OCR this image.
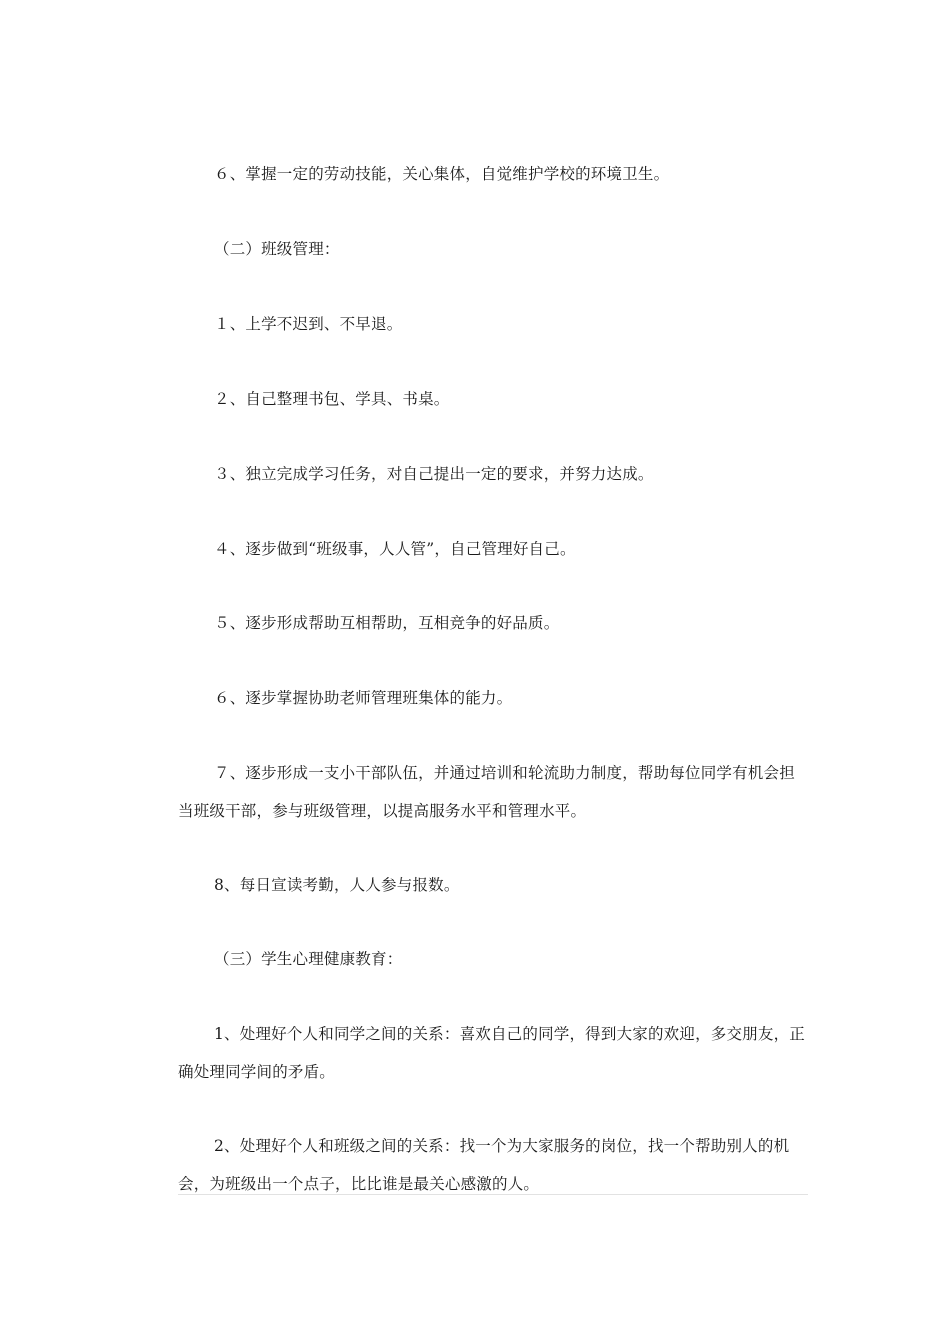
６、掌握一定的劳动技能，关心集体，自觉维护学校的环境卫生。

（二）班级管理：

１、上学不迟到、不早退。

２、自己整理书包、学具、书桌。

３、独立完成学习任务，对自己提出一定的要求，并努力达成。

４、逐步做到“班级事，人人管”，自己管理好自己。

５、逐步形成帮助互相帮助，互相竞争的好品质。

６、逐步掌握协助老师管理班集体的能力。

７、逐步形成一支小干部队伍，并通过培训和轮流助力制度，帮助每位同学有机会担当班级干部，参与班级管理，以提高服务水平和管理水平。

8、每日宣读考勤，人人参与报数。

（三）学生心理健康教育：

1、处理好个人和同学之间的关系：喜欢自己的同学，得到大家的欢迎，多交朋友，正确处理同学间的矛盾。

2、处理好个人和班级之间的关系：找一个为大家服务的岗位，找一个帮助别人的机会，为班级出一个点子，比比谁是最关心感激的人。
